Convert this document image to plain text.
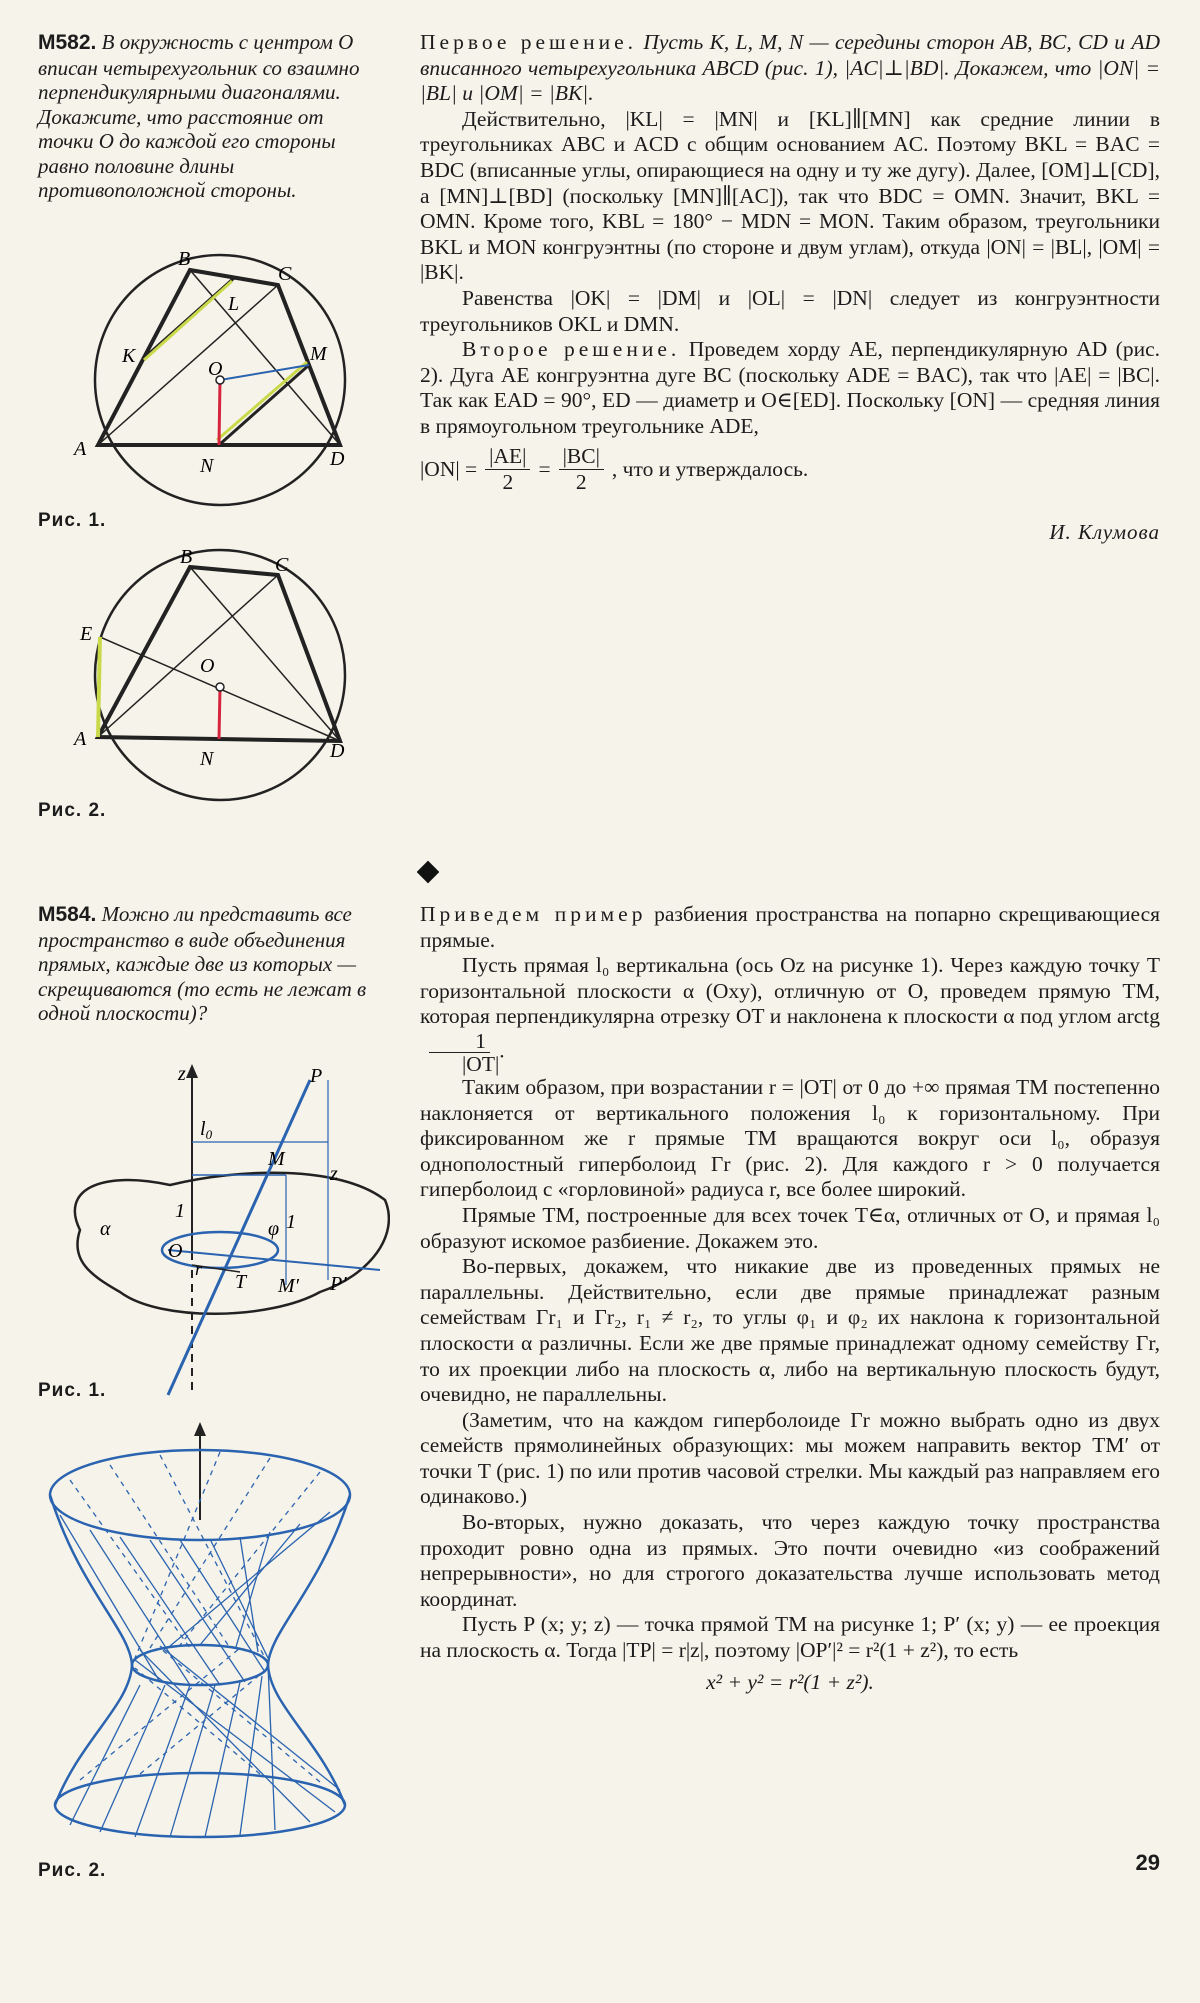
M582. В окружность с центром O вписан четырехугольник со взаимно перпендикулярными диагоналями. Докажите, что расстояние от точки O до каждой его стороны равно половине длины противоположной стороны.
B
C
A	D
K
L
O
M
N
Рис. 1.
B	C
E
A
D
O
N
Рис. 2.

Первое решение. Пусть K, L, M, N — середины сторон AB, BC, CD и AD вписанного четырехугольника ABCD (рис. 1), |AC|⊥|BD|. Докажем, что |ON| = |BL| и |OM| = |BK|.

Действительно, |KL| = |MN| и [KL]∥[MN] как средние линии в треугольниках ABC и ACD с общим основанием AC. Поэтому BKL = BAC = BDC (вписанные углы, опирающиеся на одну и ту же дугу). Далее, [OM]⊥[CD], а [MN]⊥[BD] (поскольку [MN]∥[AC]), так что BDC = OMN. Значит, BKL = OMN. Кроме того, KBL = 180° − MDN = MON. Таким образом, треугольники BKL и MON конгруэнтны (по стороне и двум углам), откуда |ON| = |BL|, |OM| = |BK|.

Равенства |OK| = |DM| и |OL| = |DN| следует из конгруэнтности треугольников OKL и DMN.

Второе решение. Проведем хорду AE, перпендикулярную AD (рис. 2). Дуга AE конгруэнтна дуге BC (поскольку ADE = BAC), так что |AE| = |BC|. Так как EAD = 90°, ED — диаметр и O∈[ED]. Поскольку [ON] — средняя линия в прямоугольном треугольнике ADE,

$|ON| = \frac{|AE|}{2} = \frac{|BC|}{2}$ , что и утверждалось.
И. Клумова
M584. Можно ли представить все пространство в виде объединения прямых, каждые две из которых — скрещиваются (то есть не лежат в одной плоскости)?
z
$l_0$
P
M
z
1	1
α
O
r
T M′ P′
φ
Рис. 1.
Рис. 2.

Приведем пример разбиения пространства на попарно скрещивающиеся прямые.

Пусть прямая l₀ вертикальна (ось Oz на рисунке 1). Через каждую точку T горизонтальной плоскости α (Oxy), отличную от O, проведем прямую TM, которая перпендикулярна отрезку OT и наклонена к плоскости α под углом arctg
$\frac{1}{|OT|}$ .

Таким образом, при возрастании r = |OT| от 0 до +∞ прямая TM постепенно наклоняется от вертикального положения l₀ к горизонтальному. При фиксированном же r прямые TM вращаются вокруг оси l₀, образуя однополостный гиперболоид Γr (рис. 2). Для каждого r > 0 получается гиперболоид с «горловиной» радиуса r, все более широкий.

Прямые TM, построенные для всех точек T∈α, отличных от O, и прямая l₀ образуют искомое разбиение. Докажем это.

Во-первых, докажем, что никакие две из проведенных прямых не параллельны. Действительно, если две прямые принадлежат разным семействам Γr₁ и Γr₂, r₁ ≠ r₂, то углы φ₁ и φ₂ их наклона к горизонтальной плоскости α различны. Если же две прямые принадлежат одному семейству Γr, то их проекции либо на плоскость α, либо на вертикальную плоскость будут, очевидно, не параллельны.

(Заметим, что на каждом гиперболоиде Γr можно выбрать одно из двух семейств прямолинейных образующих: мы можем направить вектор TM′ от точки T (рис. 1) по или против часовой стрелки. Мы каждый раз направляем его одинаково.)

Во-вторых, нужно доказать, что через каждую точку пространства проходит ровно одна из прямых. Это почти очевидно «из соображений непрерывности», но для строгого доказательства лучше использовать метод координат.

Пусть P (x; y; z) — точка прямой TM на рисунке 1; P′ (x; y) — ее проекция на плоскость α. Тогда |TP| = r|z|, поэтому |OP′|² = r²(1 + z²), то есть

x² + y² = r²(1 + z²).
29
